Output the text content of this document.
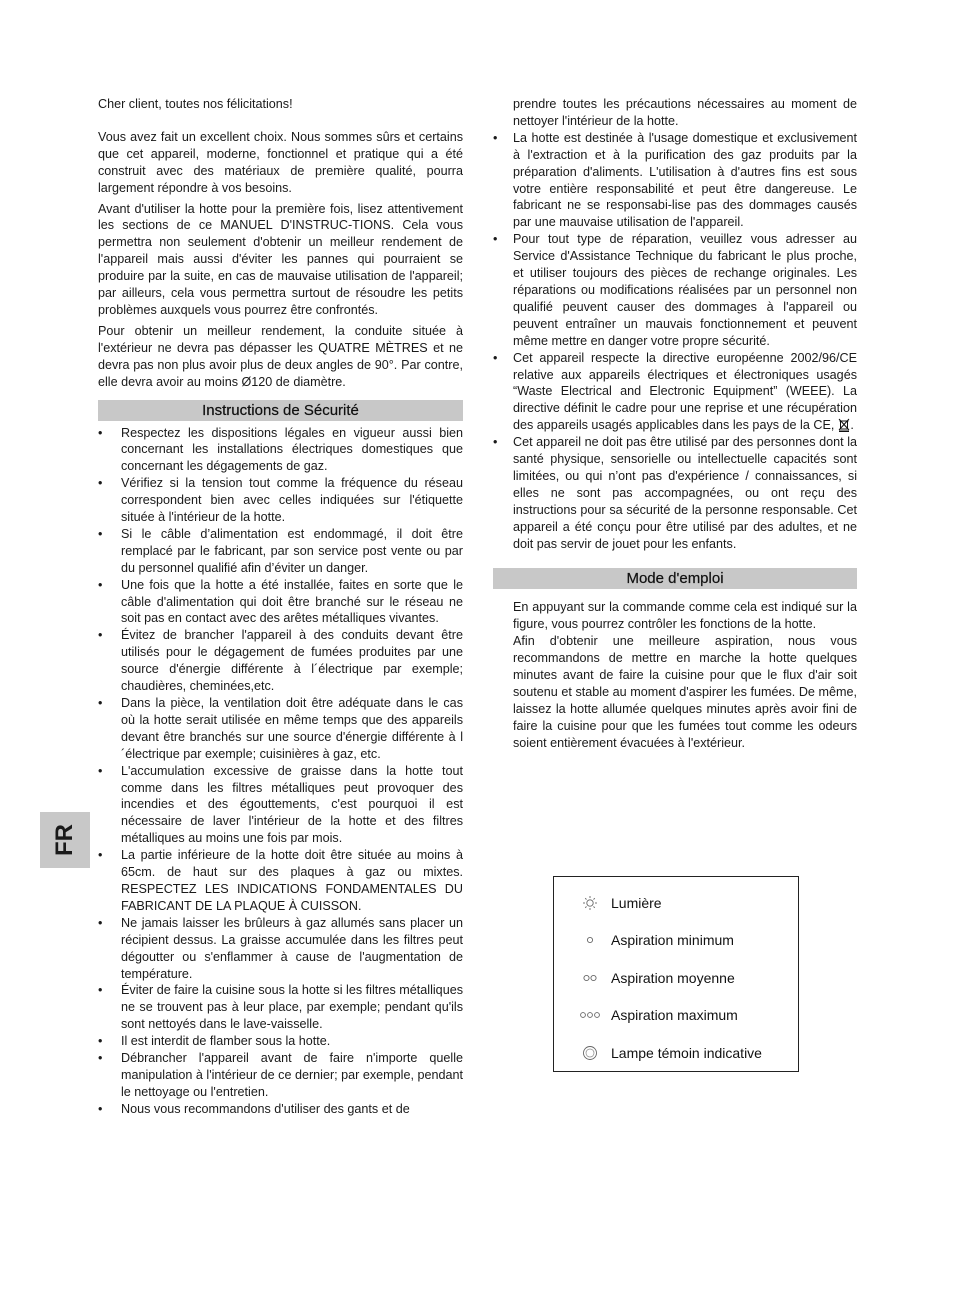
FR

Cher client, toutes nos félicitations!

Vous avez fait un excellent choix. Nous sommes sûrs et certains que cet appareil, moderne, fonctionnel et pratique qui a été construit avec des matériaux de première qualité, pourra largement répondre à vos besoins.

Avant d'utiliser la hotte pour la première fois, lisez attentivement les sections de ce MANUEL D'INSTRUC-TIONS. Cela vous permettra non seulement d'obtenir un meilleur rendement de l'appareil mais aussi d'éviter les pannes qui pourraient se produire par la suite, en cas de mauvaise utilisation de l'appareil; par ailleurs, cela vous permettra surtout de résoudre les petits problèmes auxquels vous pourrez être confrontés.

Pour obtenir un meilleur rendement, la conduite située à l'extérieur ne devra pas dépasser les QUATRE MÈTRES et ne devra pas non plus avoir plus de deux angles de 90°. Par contre, elle devra avoir au moins Ø120 de diamètre.

Instructions de Sécurité
• Respectez les dispositions légales en vigueur aussi bien concernant les installations électriques domestiques que concernant les dégagements de gaz.
• Vérifiez si la tension tout comme la fréquence du réseau correspondent bien avec celles indiquées sur l'étiquette située à l'intérieur de la hotte.
• Si le câble d’alimentation est endommagé, il doit être remplacé par le fabricant, par son service post vente ou par du personnel qualifié afin d’éviter un danger.
• Une fois que la hotte a été installée, faites en sorte que le câble d'alimentation qui doit être branché sur le réseau ne soit pas en contact avec des arêtes métalliques vivantes.
• Évitez de brancher l'appareil à des conduits devant être utilisés pour le dégagement de fumées produites par une source d'énergie différente à l´électrique par exemple; chaudières, cheminées,etc.
• Dans la pièce, la ventilation doit être adéquate dans le cas où la hotte serait utilisée en même temps que des appareils devant être branchés sur une source d'énergie différente à l´électrique par exemple; cuisinières à gaz, etc.
• L'accumulation excessive de graisse dans la hotte tout comme dans les filtres métalliques peut provoquer des incendies et des égouttements, c'est pourquoi il est nécessaire de laver l'intérieur de la hotte et des filtres métalliques au moins une fois par mois.
• La partie inférieure de la hotte doit être située au moins à 65cm. de haut sur des plaques à gaz ou mixtes. RESPECTEZ LES INDICATIONS FONDAMENTALES DU FABRICANT DE LA PLAQUE À CUISSON.
• Ne jamais laisser les brûleurs à gaz allumés sans placer un récipient dessus. La graisse accumulée dans les filtres peut dégoutter ou s'enflammer à cause de l'augmentation de température.
• Éviter de faire la cuisine sous la hotte si les filtres métalliques ne se trouvent pas à leur place, par exemple; pendant qu'ils sont nettoyés dans le lave-vaisselle.
• Il est interdit de flamber sous la hotte.
• Débrancher l'appareil avant de faire n'importe quelle manipulation à l'intérieur de ce dernier; par exemple, pendant le nettoyage ou l'entretien.
• Nous vous recommandons d'utiliser des gants et de

prendre toutes les précautions nécessaires au moment de nettoyer l'intérieur de la hotte.

• La hotte est destinée à l'usage domestique et exclusivement à l'extraction et à la purification des gaz produits par la préparation d'aliments. L'utilisation à d'autres fins est sous votre entière responsabilité et peut être dangereuse. Le fabricant ne se responsabi-lise pas des dommages causés par une mauvaise utilisation de l'appareil.
• Pour tout type de réparation, veuillez vous adresser au Service d'Assistance Technique du fabricant le plus proche, et utiliser toujours des pièces de rechange originales. Les réparations ou modifications réalisées par un personnel non qualifié peuvent causer des dommages à l'appareil ou peuvent entraîner un mauvais fonctionnement et peuvent même mettre en danger votre propre sécurité.
• Cet appareil respecte la directive européenne 2002/96/CE relative aux appareils électriques et électroniques usagés “Waste Electrical and Electronic Equipment” (WEEE). La directive définit le cadre pour une reprise et une récupération des appareils usagés applicables dans les pays de la CE, .
• Cet appareil ne doit pas être utilisé par des personnes dont la santé physique, sensorielle ou intellectuelle capacités sont limitées, ou qui n’ont pas d'expérience / connaissances, si elles ne sont pas accompagnées, ou ont reçu des instructions pour sa sécurité de la personne responsable. Cet appareil a été conçu pour être utilisé par des adultes, et ne doit pas servir de jouet pour les enfants.
Mode d'emploi

En appuyant sur la commande comme cela est indiqué sur la figure, vous pourrez contrôler les fonctions de la hotte.

Afin d'obtenir une meilleure aspiration, nous vous recommandons de mettre en marche la hotte quelques minutes avant de faire la cuisine pour que le flux d'air soit soutenu et stable au moment d'aspirer les fumées. De même, laissez la hotte allumée quelques minutes après avoir fini de faire la cuisine pour que les fumées tout comme les odeurs soient entièrement évacuées à l'extérieur.

Lumière
Aspiration minimum
Aspiration moyenne
Aspiration maximum
Lampe témoin indicative
